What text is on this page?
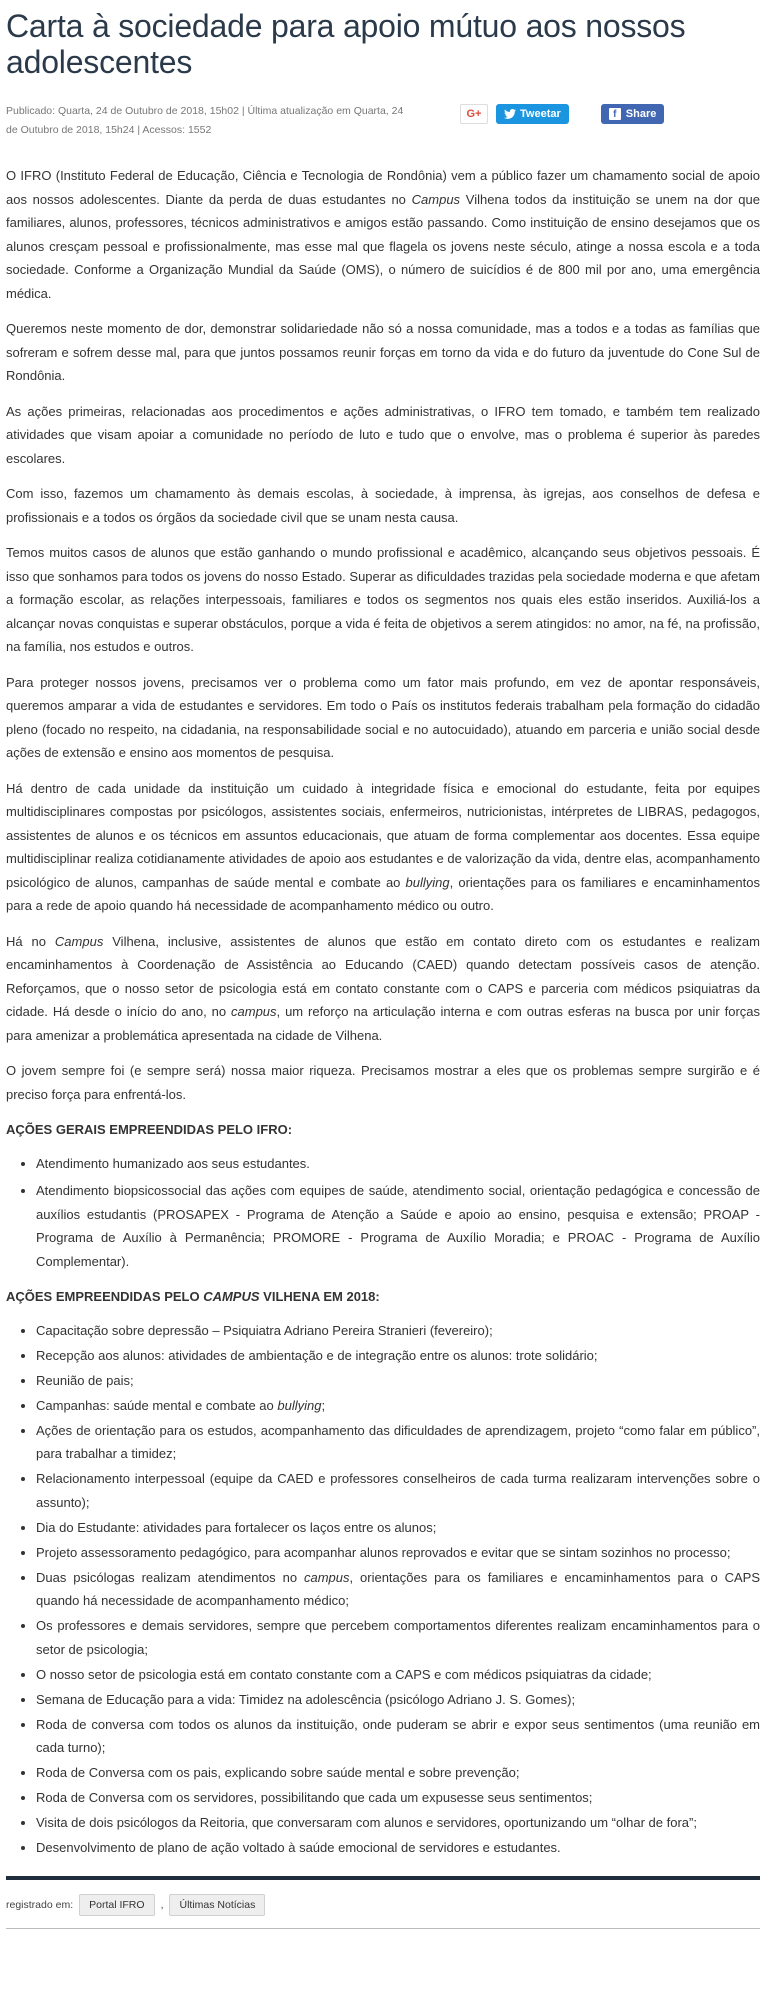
Carta à sociedade para apoio mútuo aos nossos adolescentes
Publicado: Quarta, 24 de Outubro de 2018, 15h02 | Última atualização em Quarta, 24
de Outubro de 2018, 15h24 | Acessos: 1552
G+	Tweetar	f Share

O IFRO (Instituto Federal de Educação, Ciência e Tecnologia de Rondônia) vem a público fazer um chamamento social de apoio aos nossos adolescentes. Diante da perda de duas estudantes no Campus Vilhena todos da instituição se unem na dor que familiares, alunos, professores, técnicos administrativos e amigos estão passando. Como instituição de ensino desejamos que os alunos cresçam pessoal e profissionalmente, mas esse mal que flagela os jovens neste século, atinge a nossa escola e a toda sociedade. Conforme a Organização Mundial da Saúde (OMS), o número de suicídios é de 800 mil por ano, uma emergência médica.

Queremos neste momento de dor, demonstrar solidariedade não só a nossa comunidade, mas a todos e a todas as famílias que sofreram e sofrem desse mal, para que juntos possamos reunir forças em torno da vida e do futuro da juventude do Cone Sul de Rondônia.

As ações primeiras, relacionadas aos procedimentos e ações administrativas, o IFRO tem tomado, e também tem realizado atividades que visam apoiar a comunidade no período de luto e tudo que o envolve, mas o problema é superior às paredes escolares.

Com isso, fazemos um chamamento às demais escolas, à sociedade, à imprensa, às igrejas, aos conselhos de defesa e profissionais e a todos os órgãos da sociedade civil que se unam nesta causa.

Temos muitos casos de alunos que estão ganhando o mundo profissional e acadêmico, alcançando seus objetivos pessoais. É isso que sonhamos para todos os jovens do nosso Estado. Superar as dificuldades trazidas pela sociedade moderna e que afetam a formação escolar, as relações interpessoais, familiares e todos os segmentos nos quais eles estão inseridos. Auxiliá-los a alcançar novas conquistas e superar obstáculos, porque a vida é feita de objetivos a serem atingidos: no amor, na fé, na profissão, na família, nos estudos e outros.

Para proteger nossos jovens, precisamos ver o problema como um fator mais profundo, em vez de apontar responsáveis, queremos amparar a vida de estudantes e servidores. Em todo o País os institutos federais trabalham pela formação do cidadão pleno (focado no respeito, na cidadania, na responsabilidade social e no autocuidado), atuando em parceria e união social desde ações de extensão e ensino aos momentos de pesquisa.

Há dentro de cada unidade da instituição um cuidado à integridade física e emocional do estudante, feita por equipes multidisciplinares compostas por psicólogos, assistentes sociais, enfermeiros, nutricionistas, intérpretes de LIBRAS, pedagogos, assistentes de alunos e os técnicos em assuntos educacionais, que atuam de forma complementar aos docentes. Essa equipe multidisciplinar realiza cotidianamente atividades de apoio aos estudantes e de valorização da vida, dentre elas, acompanhamento psicológico de alunos, campanhas de saúde mental e combate ao bullying, orientações para os familiares e encaminhamentos para a rede de apoio quando há necessidade de acompanhamento médico ou outro.

Há no Campus Vilhena, inclusive, assistentes de alunos que estão em contato direto com os estudantes e realizam encaminhamentos à Coordenação de Assistência ao Educando (CAED) quando detectam possíveis casos de atenção. Reforçamos, que o nosso setor de psicologia está em contato constante com o CAPS e parceria com médicos psiquiatras da cidade. Há desde o início do ano, no campus, um reforço na articulação interna e com outras esferas na busca por unir forças para amenizar a problemática apresentada na cidade de Vilhena.

O jovem sempre foi (e sempre será) nossa maior riqueza. Precisamos mostrar a eles que os problemas sempre surgirão e é preciso força para enfrentá-los.

AÇÕES GERAIS EMPREENDIDAS PELO IFRO:
• Atendimento humanizado aos seus estudantes.
• Atendimento biopsicossocial das ações com equipes de saúde, atendimento social, orientação pedagógica e concessão de auxílios estudantis (PROSAPEX - Programa de Atenção a Saúde e apoio ao ensino, pesquisa e extensão; PROAP - Programa de Auxílio à Permanência; PROMORE - Programa de Auxílio Moradia; e PROAC - Programa de Auxílio Complementar).
AÇÕES EMPREENDIDAS PELO CAMPUS VILHENA EM 2018:
• Capacitação sobre depressão – Psiquiatra Adriano Pereira Stranieri (fevereiro);
• Recepção aos alunos: atividades de ambientação e de integração entre os alunos: trote solidário;
• Reunião de pais;
• Campanhas: saúde mental e combate ao bullying;
• Ações de orientação para os estudos, acompanhamento das dificuldades de aprendizagem, projeto “como falar em público”, para trabalhar a timidez;
• Relacionamento interpessoal (equipe da CAED e professores conselheiros de cada turma realizaram intervenções sobre o assunto);
• Dia do Estudante: atividades para fortalecer os laços entre os alunos;
• Projeto assessoramento pedagógico, para acompanhar alunos reprovados e evitar que se sintam sozinhos no processo;
• Duas psicólogas realizam atendimentos no campus, orientações para os familiares e encaminhamentos para o CAPS quando há necessidade de acompanhamento médico;
• Os professores e demais servidores, sempre que percebem comportamentos diferentes realizam encaminhamentos para o setor de psicologia;
• O nosso setor de psicologia está em contato constante com a CAPS e com médicos psiquiatras da cidade;
• Semana de Educação para a vida: Timidez na adolescência (psicólogo Adriano J. S. Gomes);
• Roda de conversa com todos os alunos da instituição, onde puderam se abrir e expor seus sentimentos (uma reunião em cada turno);
• Roda de Conversa com os pais, explicando sobre saúde mental e sobre prevenção;
• Roda de Conversa com os servidores, possibilitando que cada um expusesse seus sentimentos;
• Visita de dois psicólogos da Reitoria, que conversaram com alunos e servidores, oportunizando um “olhar de fora”;
• Desenvolvimento de plano de ação voltado à saúde emocional de servidores e estudantes.
registrado em:	Portal IFRO	,	Últimas Notícias
